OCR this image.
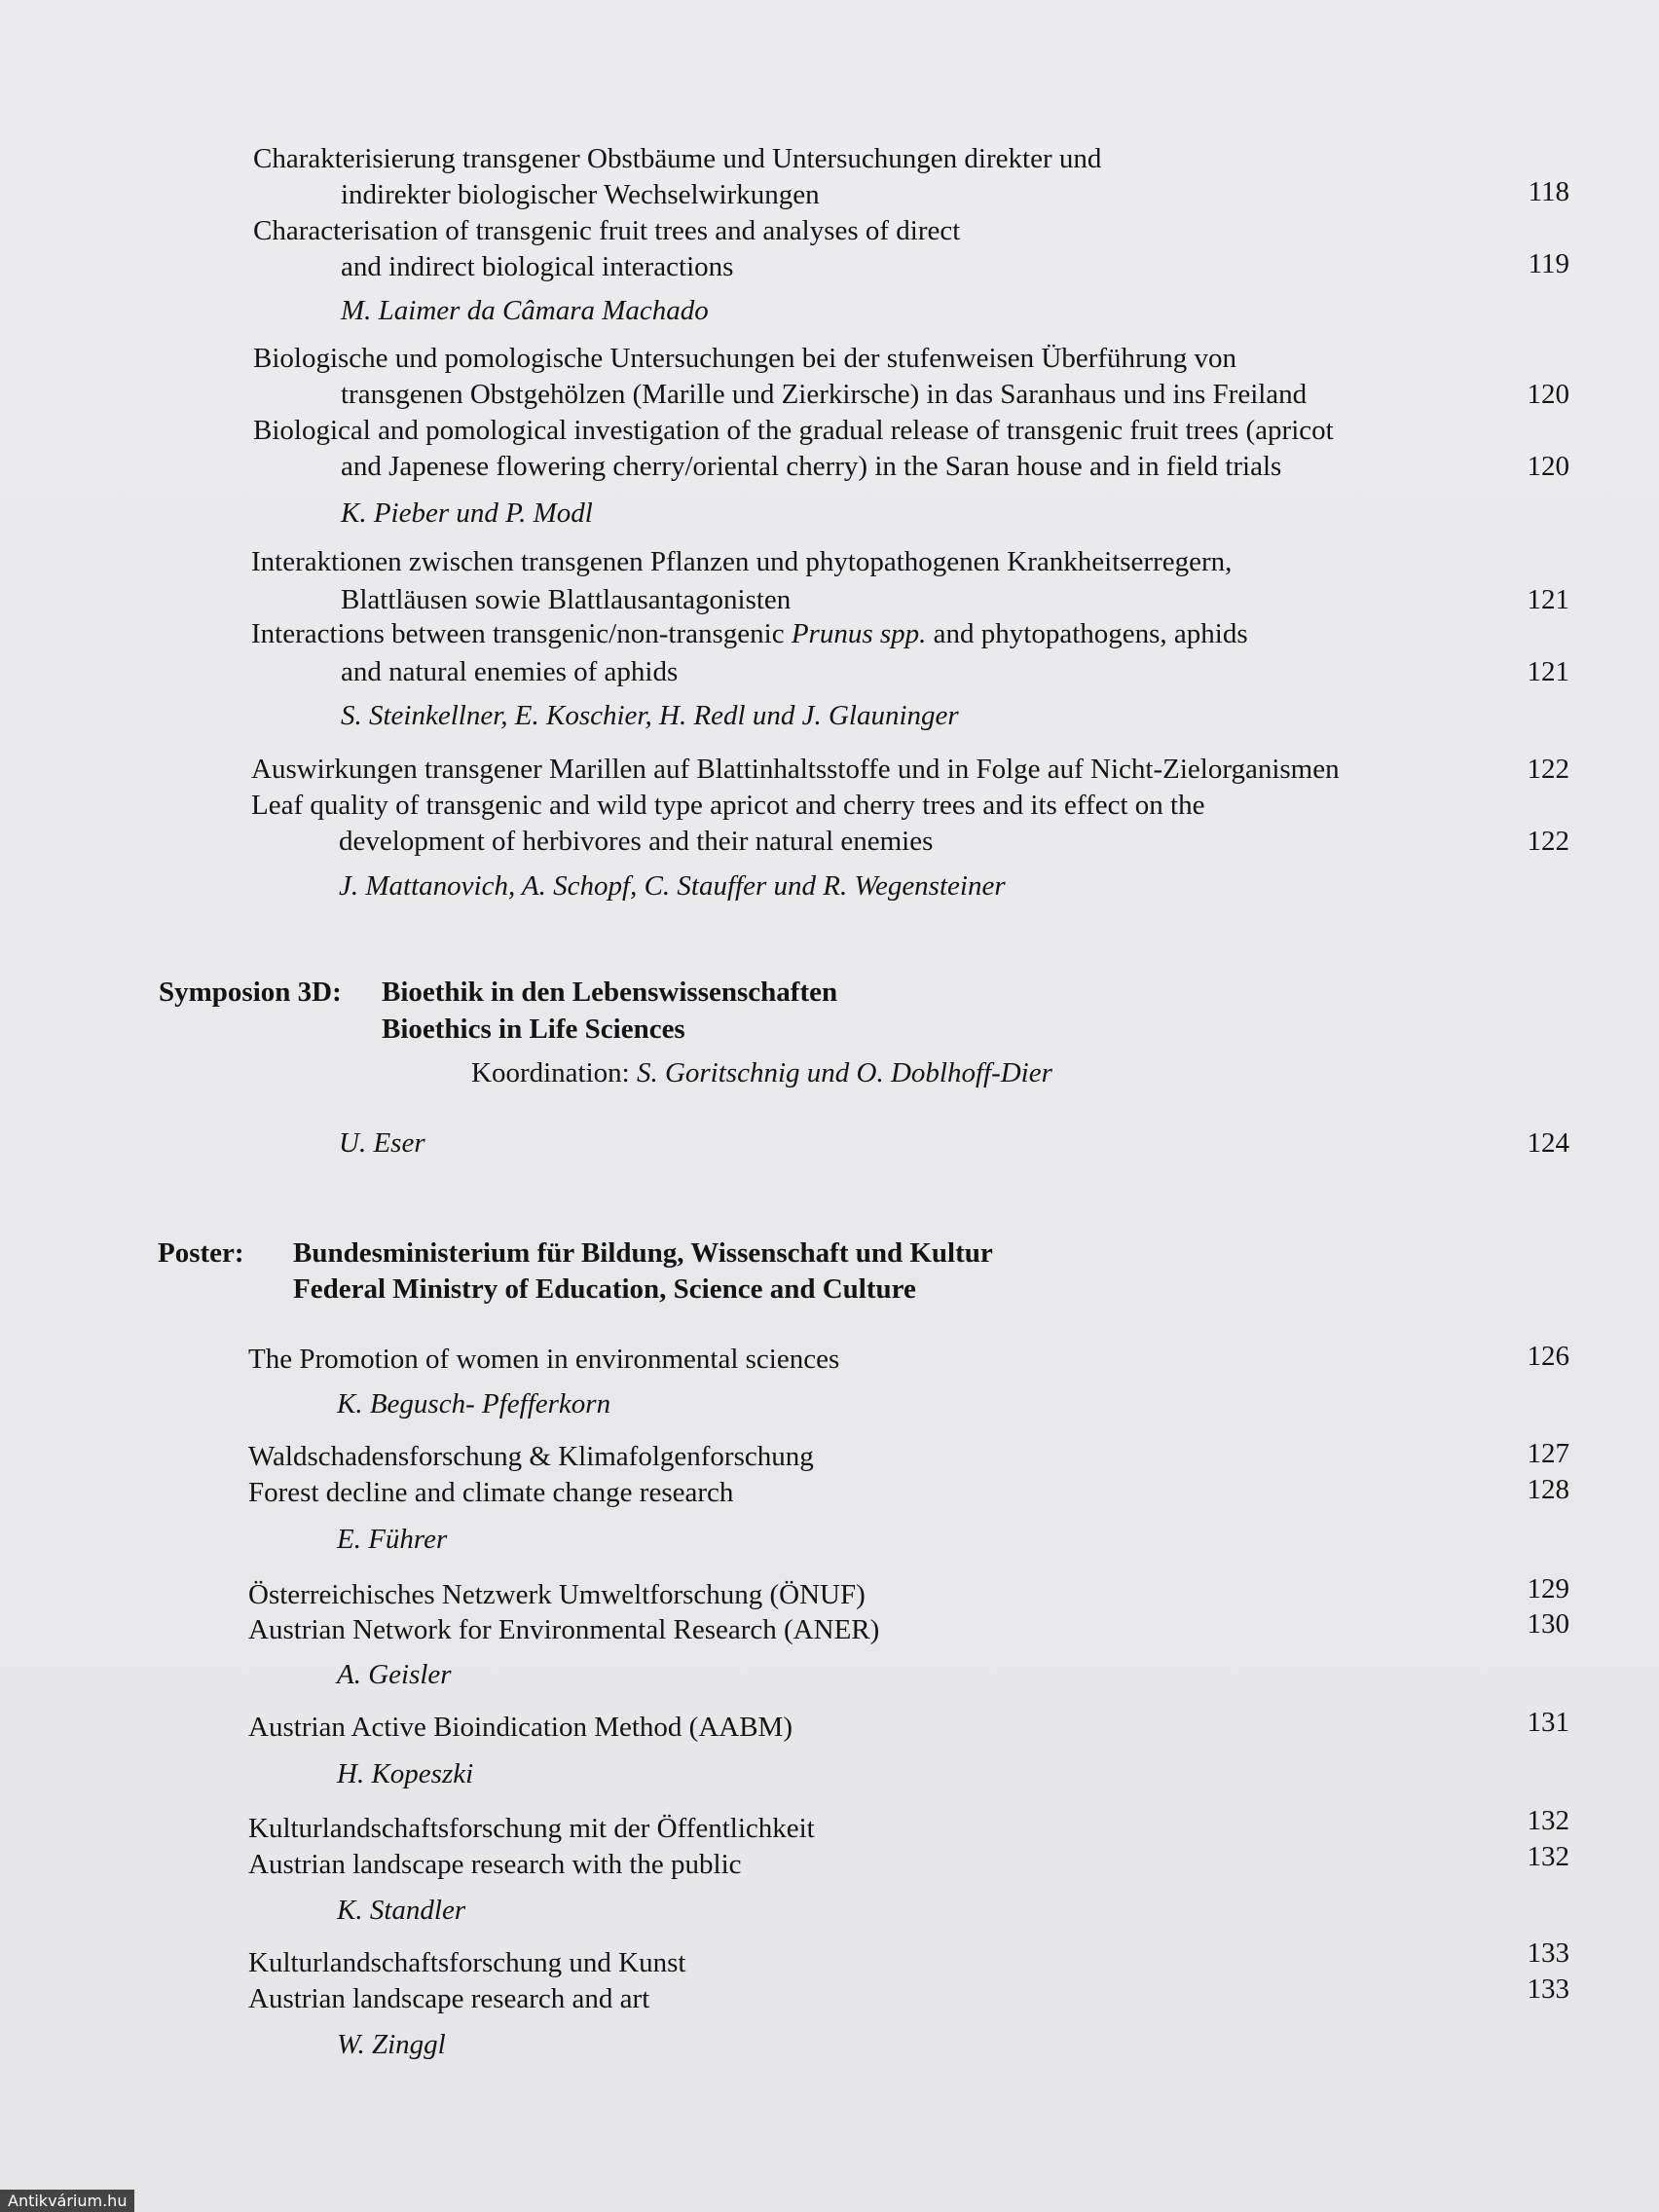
Charakterisierung transgener Obstbäume und Untersuchungen direkter und
indirekter biologischer Wechselwirkungen	118
Characterisation of transgenic fruit trees and analyses of direct
and indirect biological interactions	119
M. Laimer da Câmara Machado
Biologische und pomologische Untersuchungen bei der stufenweisen Überführung von
transgenen Obstgehölzen (Marille und Zierkirsche) in das Saranhaus und ins Freiland	120
Biological and pomological investigation of the gradual release of transgenic fruit trees (apricot
and Japenese flowering cherry/oriental cherry) in the Saran house and in field trials	120
K. Pieber und P. Modl
Interaktionen zwischen transgenen Pflanzen und phytopathogenen Krankheitserregern,
Blattläusen sowie Blattlausantagonisten	121
Interactions between transgenic/non-transgenic Prunus spp. and phytopathogens, aphids
and natural enemies of aphids	121
S. Steinkellner, E. Koschier, H. Redl und J. Glauninger
Auswirkungen transgener Marillen auf Blattinhaltsstoffe und in Folge auf Nicht-Zielorganismen	122
Leaf quality of transgenic and wild type apricot and cherry trees and its effect on the
development of herbivores and their natural enemies	122
J. Mattanovich, A. Schopf, C. Stauffer und R. Wegensteiner
Symposion 3D: Bioethik in den Lebenswissenschaften
Bioethics in Life Sciences
Koordination: S. Goritschnig und O. Doblhoff-Dier
U. Eser	124
Poster: Bundesministerium für Bildung, Wissenschaft und Kultur
Federal Ministry of Education, Science and Culture
The Promotion of women in environmental sciences	126
K. Begusch- Pfefferkorn
Waldschadensforschung & Klimafolgenforschung	127
Forest decline and climate change research	128
E. Führer
Österreichisches Netzwerk Umweltforschung (ÖNUF)	129
Austrian Network for Environmental Research (ANER)	130
A. Geisler
Austrian Active Bioindication Method (AABM)	131
H. Kopeszki
Kulturlandschaftsforschung mit der Öffentlichkeit	132
Austrian landscape research with the public	132
K. Standler
Kulturlandschaftsforschung und Kunst	133
Austrian landscape research and art	133
W. Zinggl
Antikvárium.hu
